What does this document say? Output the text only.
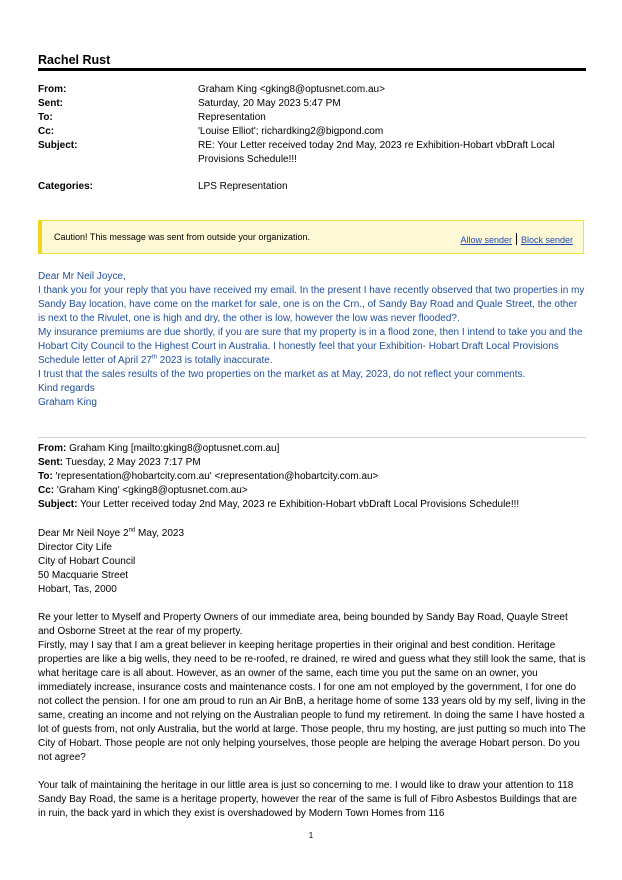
Rachel Rust
From:	Graham King <gking8@optusnet.com.au>
Sent:	Saturday, 20 May 2023 5:47 PM
To:	Representation
Cc:	'Louise Elliot'; richardking2@bigpond.com
Subject:	RE: Your Letter received today 2nd May, 2023 re Exhibition-Hobart vbDraft Local Provisions Schedule!!!
Categories:	LPS Representation
Caution! This message was sent from outside your organization.	Allow sender Block sender

Dear Mr Neil Joyce,

I thank you for your reply that you have received my email. In the present I have recently observed that two properties in my Sandy Bay location, have come on the market for sale, one is on the Crn., of Sandy Bay Road and Quale Street, the other is next to the Rivulet, one is high and dry, the other is low, however the low was never flooded?.

My insurance premiums are due shortly, if you are sure that my property is in a flood zone, then I intend to take you and the Hobart City Council to the Highest Court in Australia. I honestly feel that your Exhibition- Hobart Draft Local Provisions Schedule letter of April 27th 2023 is totally inaccurate.

I trust that the sales results of the two properties on the market as at May, 2023, do not reflect your comments.

Kind regards

Graham King

From: Graham King [mailto:gking8@optusnet.com.au]
Sent: Tuesday, 2 May 2023 7:17 PM
To: 'representation@hobartcity.com.au' <representation@hobartcity.com.au>
Cc: 'Graham King' <gking8@optusnet.com.au>
Subject: Your Letter received today 2nd May, 2023 re Exhibition-Hobart vbDraft Local Provisions Schedule!!!
Dear Mr Neil Noye 2nd May, 2023
Director City Life
City of Hobart Council
50 Macquarie Street
Hobart, Tas, 2000

Re your letter to Myself and Property Owners of our immediate area, being bounded by Sandy Bay Road, Quayle Street and Osborne Street at the rear of my property.

Firstly, may I say that I am a great believer in keeping heritage properties in their original and best condition. Heritage properties are like a big wells, they need to be re-roofed, re drained, re wired and guess what they still look the same, that is what heritage care is all about. However, as an owner of the same, each time you put the same on an owner, you immediately increase, insurance costs and maintenance costs. I for one am not employed by the government, I for one do not collect the pension. I for one am proud to run an Air BnB, a heritage home of some 133 years old by my self, living in the same, creating an income and not relying on the Australian people to fund my retirement. In doing the same I have hosted a lot of guests from, not only Australia, but the world at large. Those people, thru my hosting, are just putting so much into The City of Hobart. Those people are not only helping yourselves, those people are helping the average Hobart person. Do you not agree?

Your talk of maintaining the heritage in our little area is just so concerning to me. I would like to draw your attention to 118 Sandy Bay Road, the same is a heritage property, however the rear of the same is full of Fibro Asbestos Buildings that are in ruin, the back yard in which they exist is overshadowed by Modern Town Homes from 116

1
